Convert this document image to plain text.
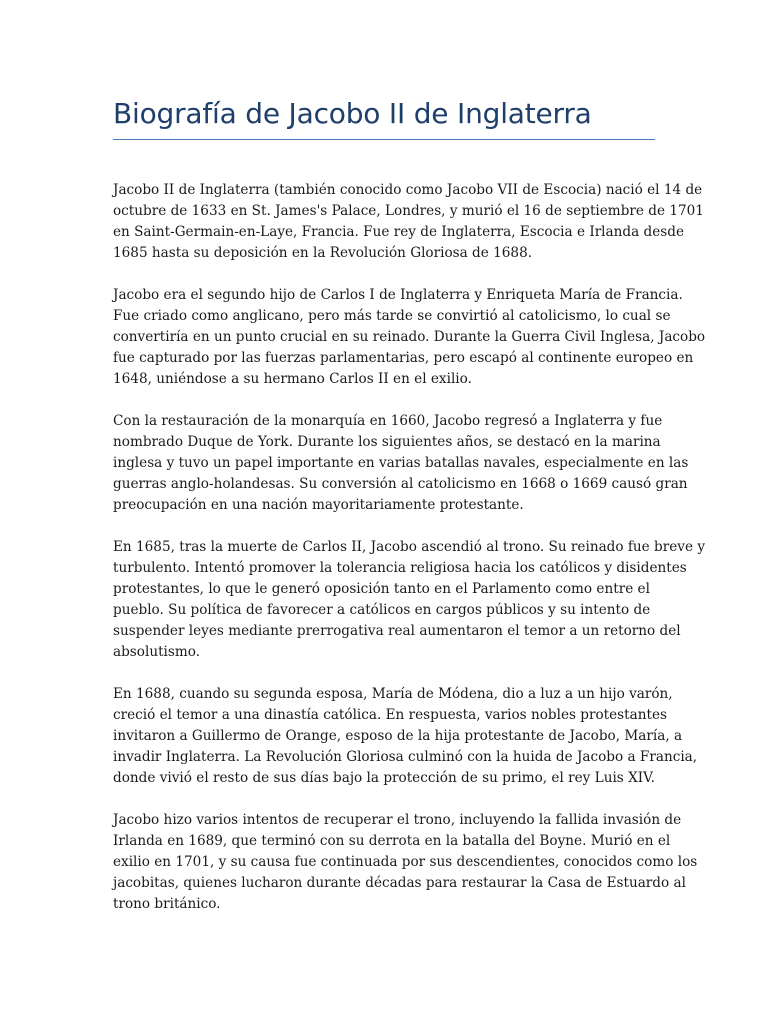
Biografía de Jacobo II de Inglaterra

Jacobo II de Inglaterra (también conocido como Jacobo VII de Escocia) nació el 14 de
octubre de 1633 en St. James's Palace, Londres, y murió el 16 de septiembre de 1701
en Saint-Germain-en-Laye, Francia. Fue rey de Inglaterra, Escocia e Irlanda desde
1685 hasta su deposición en la Revolución Gloriosa de 1688.

Jacobo era el segundo hijo de Carlos I de Inglaterra y Enriqueta María de Francia.
Fue criado como anglicano, pero más tarde se convirtió al catolicismo, lo cual se
convertiría en un punto crucial en su reinado. Durante la Guerra Civil Inglesa, Jacobo
fue capturado por las fuerzas parlamentarias, pero escapó al continente europeo en
1648, uniéndose a su hermano Carlos II en el exilio.

Con la restauración de la monarquía en 1660, Jacobo regresó a Inglaterra y fue
nombrado Duque de York. Durante los siguientes años, se destacó en la marina
inglesa y tuvo un papel importante en varias batallas navales, especialmente en las
guerras anglo-holandesas. Su conversión al catolicismo en 1668 o 1669 causó gran
preocupación en una nación mayoritariamente protestante.

En 1685, tras la muerte de Carlos II, Jacobo ascendió al trono. Su reinado fue breve y
turbulento. Intentó promover la tolerancia religiosa hacia los católicos y disidentes
protestantes, lo que le generó oposición tanto en el Parlamento como entre el
pueblo. Su política de favorecer a católicos en cargos públicos y su intento de
suspender leyes mediante prerrogativa real aumentaron el temor a un retorno del
absolutismo.

En 1688, cuando su segunda esposa, María de Módena, dio a luz a un hijo varón,
creció el temor a una dinastía católica. En respuesta, varios nobles protestantes
invitaron a Guillermo de Orange, esposo de la hija protestante de Jacobo, María, a
invadir Inglaterra. La Revolución Gloriosa culminó con la huida de Jacobo a Francia,
donde vivió el resto de sus días bajo la protección de su primo, el rey Luis XIV.

Jacobo hizo varios intentos de recuperar el trono, incluyendo la fallida invasión de
Irlanda en 1689, que terminó con su derrota en la batalla del Boyne. Murió en el
exilio en 1701, y su causa fue continuada por sus descendientes, conocidos como los
jacobitas, quienes lucharon durante décadas para restaurar la Casa de Estuardo al
trono británico.
